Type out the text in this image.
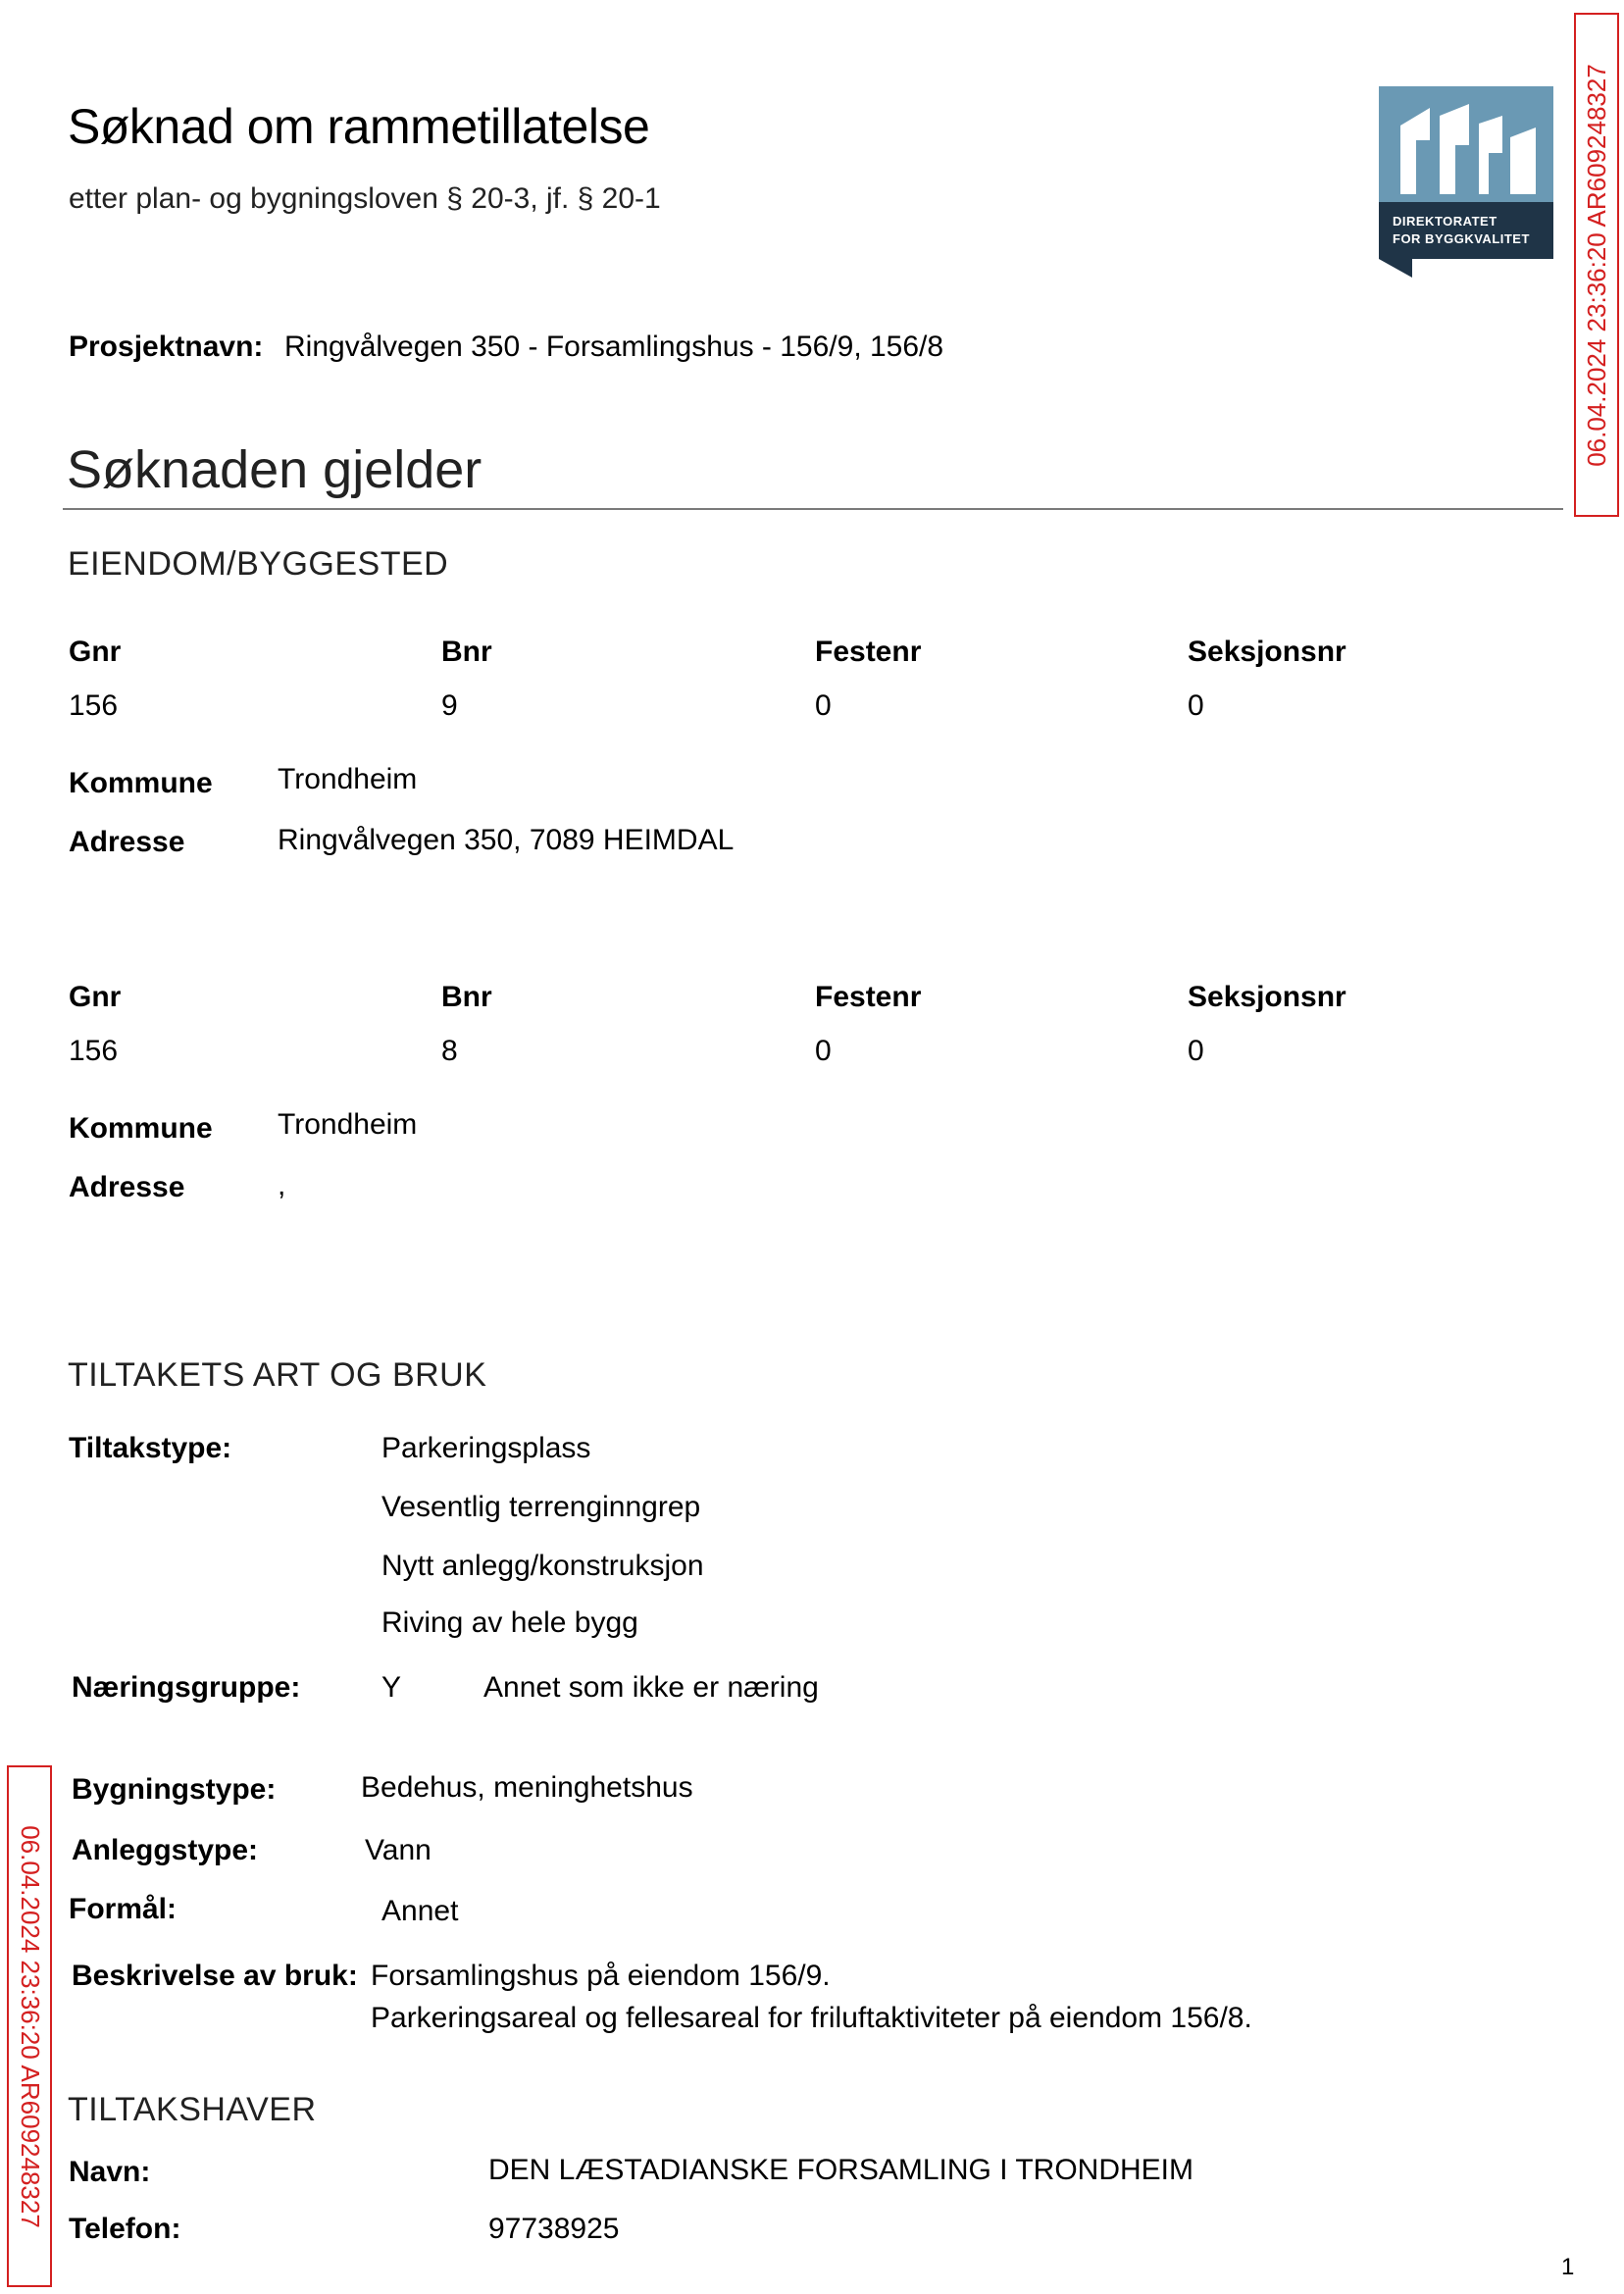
Søknad om rammetillatelse
etter plan- og bygningsloven § 20-3, jf. § 20-1
DIREKTORATET
FOR BYGGKVALITET
Prosjektnavn: Ringvålvegen 350 - Forsamlingshus - 156/9, 156/8
Søknaden gjelder
EIENDOM/BYGGESTED
Gnr	Bnr	Festenr	Seksjonsnr
156	9	0	0
Kommune Trondheim
Adresse	Ringvålvegen 350, 7089 HEIMDAL
Gnr	Bnr	Festenr	Seksjonsnr
156	8	0	0
Kommune Trondheim
Adresse	,
TILTAKETS ART OG BRUK
Tiltakstype:	Parkeringsplass
Vesentlig terrenginngrep
Nytt anlegg/konstruksjon
Riving av hele bygg
Næringsgruppe:	Y	Annet som ikke er næring
Bygningstype:	Bedehus, meninghetshus
Anleggstype:	Vann
Formål:	Annet
Beskrivelse av bruk: Forsamlingshus på eiendom 156/9.
Parkeringsareal og fellesareal for friluftaktiviteter på eiendom 156/8.
TILTAKSHAVER
Navn:	DEN LÆSTADIANSKE FORSAMLING I TRONDHEIM
Telefon:	97738925
1
06.04.2024 23:36:20 AR609248327
06.04.2024 23:36:20 AR609248327
